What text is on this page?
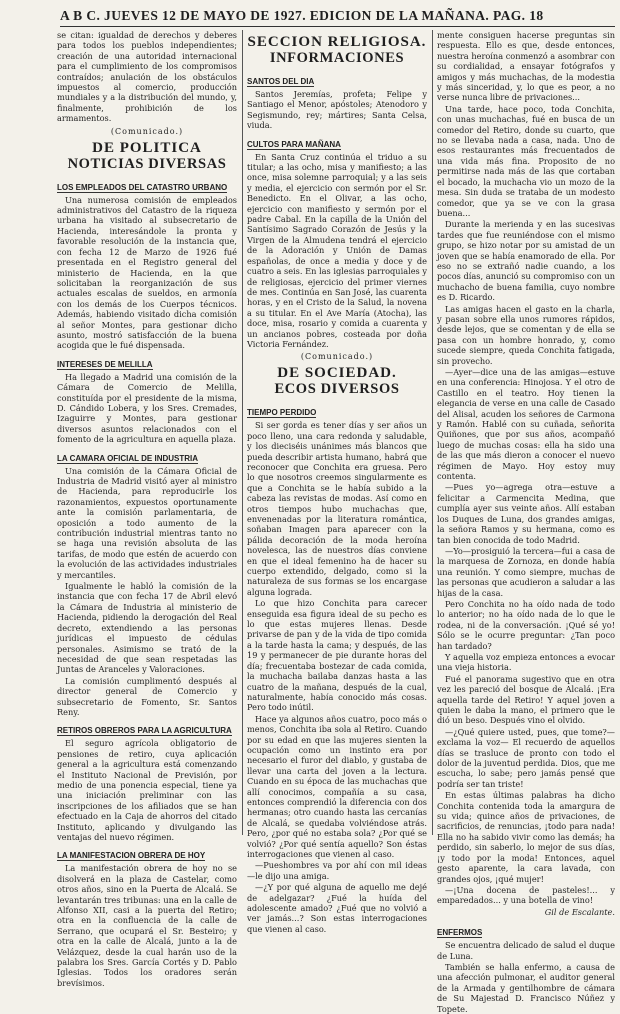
A B C. JUEVES 12 DE MAYO DE 1927. EDICION DE LA MAÑANA. PAG. 18

se citan: igualdad de derechos y deberes para todos los pueblos independientes; creación de una autoridad internacional para el cumplimiento de los compromisos contraídos; anulación de los obstáculos impuestos al comercio, producción mundiales y a la distribución del mundo, y, finalmente, prohibición de los armamentos.

(Comunicado.)
DE POLITICA
NOTICIAS DIVERSAS
LOS EMPLEADOS DEL CATASTRO URBANO

Una numerosa comisión de empleados administrativos del Catastro de la riqueza urbana ha visitado al subsecretario de Hacienda, interesándole la pronta y favorable resolución de la instancia que, con fecha 12 de Marzo de 1926 fué presentada en el Registro general del ministerio de Hacienda, en la que solicitaban la reorganización de sus actuales escalas de sueldos, en armonía con los demás de los Cuerpos técnicos. Además, habiendo visitado dicha comisión al señor Montes, para gestionar dicho asunto, mostró satisfacción de la buena acogida que le fué dispensada.

INTERESES DE MELILLA

Ha llegado a Madrid una comisión de la Cámara de Comercio de Melilla, constituída por el presidente de la misma, D. Cándido Lobera, y los Sres. Cremades, Izaguirre y Montes, para gestionar diversos asuntos relacionados con el fomento de la agricultura en aquella plaza.

LA CAMARA OFICIAL DE INDUSTRIA

Una comisión de la Cámara Oficial de Industria de Madrid visitó ayer al ministro de Hacienda, para reproducirle los razonamientos, expuestos oportunamente ante la comisión parlamentaria, de oposición a todo aumento de la contribución industrial mientras tanto no se haga una revisión absoluta de las tarifas, de modo que estén de acuerdo con la evolución de las actividades industriales y mercantiles.

Igualmente le habló la comisión de la instancia que con fecha 17 de Abril elevó la Cámara de Industria al ministerio de Hacienda, pidiendo la derogación del Real decreto, extendiendo a las personas jurídicas el impuesto de cédulas personales. Asimismo se trató de la necesidad de que sean respetadas las Juntas de Aranceles y Valoraciones.

La comisión cumplimentó después al director general de Comercio y subsecretario de Fomento, Sr. Santos Reny.

RETIROS OBREROS PARA LA AGRICULTURA

El seguro agrícola obligatorio de pensiones de retiro, cuya aplicación general a la agricultura está comenzando el Instituto Nacional de Previsión, por medio de una ponencia especial, tiene ya una iniciación preliminar con las inscripciones de los afiliados que se han efectuado en la Caja de ahorros del citado Instituto, aplicando y divulgando las ventajas del nuevo régimen.

LA MANIFESTACION OBRERA DE HOY

La manifestación obrera de hoy no se disolverá en la plaza de Castelar, como otros años, sino en la Puerta de Alcalá. Se levantarán tres tribunas: una en la calle de Alfonso XII, casi a la puerta del Retiro; otra en la confluencia de la calle de Serrano, que ocupará el Sr. Besteiro; y otra en la calle de Alcalá, junto a la de Velázquez, desde la cual harán uso de la palabra los Sres. García Cortés y D. Pablo Iglesias. Todos los oradores serán brevísimos.

SECCION RELIGIOSA.
INFORMACIONES
SANTOS DEL DIA

Santos Jeremías, profeta; Felipe y Santiago el Menor, apóstoles; Atenodoro y Segismundo, rey; mártires; Santa Celsa, viuda.

CULTOS PARA MAÑANA

En Santa Cruz continúa el triduo a su titular; a las ocho, misa y manifiesto; a las once, misa solemne parroquial; y a las seis y media, el ejercicio con sermón por el Sr. Benedicto. En el Olivar, a las ocho, ejercicio con manifiesto y sermón por el padre Cabal. En la capilla de la Unión del Santísimo Sagrado Corazón de Jesús y la Virgen de la Almudena tendrá el ejercicio de la Adoración y Unión de Damas españolas, de once a media y doce y de cuatro a seis. En las iglesias parroquiales y de religiosas, ejercicio del primer viernes de mes. Continúa en San José, las cuarenta horas, y en el Cristo de la Salud, la novena a su titular. En el Ave María (Atocha), las doce, misa, rosario y comida a cuarenta y un ancianos pobres, costeada por doña Victoria Fernández.

(Comunicado.)
DE SOCIEDAD.
ECOS DIVERSOS
TIEMPO PERDIDO

Si ser gorda es tener días y ser años un poco lleno, una cara redonda y saludable, y los dieciséis unánimes más blancos que pueda describir artista humano, habrá que reconocer que Conchita era gruesa. Pero lo que nosotros creemos singularmente es que a Conchita se le había subido a la cabeza las revistas de modas. Así como en otros tiempos hubo muchachas que, envenenadas por la literatura romántica, soñaban Imagen para aparecer con la pálida decoración de la moda heroína novelesca, las de nuestros días conviene en que el ideal femenino ha de hacer su cuerpo extendido, delgado, como si la naturaleza de sus formas se los encargase alguna lograda.

Lo que hizo Conchita para carecer enseguida esa figura ideal de su pecho es lo que estas mujeres llenas. Desde privarse de pan y de la vida de tipo comida a la tarde hasta la cama; y después, de las 19 y permanecer de pie durante horas del día; frecuentaba bostezar de cada comida, la muchacha bailaba danzas hasta a las cuatro de la mañana, después de la cual, naturalmente, había conocido más cosas. Pero todo inútil.

Hace ya algunos años cuatro, poco más o menos, Conchita iba sola al Retiro. Cuando por su edad en que las mujeres sienten la ocupación como un instinto era por necesario el furor del diablo, y gustaba de llevar una carta del joven a la lectura. Cuando en su época de las muchachas que allí conocimos, compañía a su casa, entonces comprendió la diferencia con dos hermanas; otro cuando hasta las cercanías de Alcalá, se quedaba volviéndose atrás. Pero, ¿por qué no estaba sola? ¿Por qué se volvió? ¿Por qué sentía aquello? Son éstas interrogaciones que vienen al caso.

—Pueshombres va por ahí con mil ideas —le dijo una amiga.

—¿Y por qué alguna de aquello me dejé de adelgazar? ¿Fué la huída del adolescente amado? ¿Fué que no volvió a ver jamás...? Son estas interrogaciones que vienen al caso.

mente consiguen hacerse preguntas sin respuesta. Ello es que, desde entonces, nuestra heroína conmenzó a asombrar con su cordialidad, a ensayar fotógrafos y amigos y más muchachas, de la modestia y más sinceridad, y, lo que es peor, a no verse nunca libre de privaciones...

Una tarde, hace poco, toda Conchita, con unas muchachas, fué en busca de un comedor del Retiro, donde su cuarto, que no se llevaba nada a casa, nada. Uno de esos restaurantes más frecuentados de una vida más fina. Proposito de no permitirse nada más de las que cortaban el bocado, la muchacha vio un mozo de la mesa. Sin duda se trataba de un modesto comedor, que ya se ve con la grasa buena...

Durante la merienda y en las sucesivas tardes que fue reuniéndose con el mismo grupo, se hizo notar por su amistad de un joven que se había enamorado de ella. Por eso no se extrañó nadie cuando, a los pocos días, anunció su compromiso con un muchacho de buena familia, cuyo nombre es D. Ricardo.

Las amigas hacen el gasto en la charla, y pasan sobre ella unos rumores rápidos, desde lejos, que se comentan y de ella se pasa con un hombre honrado, y, como sucede siempre, queda Conchita fatigada, sin provecho.

—Ayer—dice una de las amigas—estuve en una conferencia: Hinojosa. Y el otro de Castillo en el teatro. Hoy tienen la elegancia de verse en una calle de Casado del Alisal, acuden los señores de Carmona y Ramón. Hablé con su cuñada, señorita Quiñones, que por sus años, acompañó luego de muchas cosas: ella ha sido una de las que más dieron a conocer el nuevo régimen de Mayo. Hoy estoy muy contenta.

—Pues yo—agrega otra—estuve a felicitar a Carmencita Medina, que cumplía ayer sus veinte años. Allí estaban los Duques de Luna, dos grandes amigas, la señora Ramos y su hermana, como es tan bien conocida de todo Madrid.

—Yo—prosiguió la tercera—fui a casa de la marquesa de Zornoza, en donde había una reunión. Y como siempre, muchas de las personas que acudieron a saludar a las hijas de la casa.

Pero Conchita no ha oído nada de todo lo anterior; no ha oído nada de lo que le rodea, ni de la conversación. ¡Qué sé yo! Sólo se le ocurre preguntar: ¿Tan poco han tardado?

Y aquella voz empieza entonces a evocar una vieja historia.

Fué el panorama sugestivo que en otra vez les pareció del bosque de Alcalá. ¡Era aquella tarde del Retiro! Y aquel joven a quien le daba la mano, el primero que le dió un beso. Después vino el olvido.

—¿Qué quiere usted, pues, que tome?—exclama la voz— El recuerdo de aquellos días se trasluce de pronto con todo el dolor de la juventud perdida. Dios, que me escucha, lo sabe; pero jamás pensé que podría ser tan triste!

En estas últimas palabras ha dicho Conchita contenida toda la amargura de su vida; quince años de privaciones, de sacrificios, de renuncias, ¡todo para nada! Ella no ha sabido vivir como las demás; ha perdido, sin saberlo, lo mejor de sus días, ¡y todo por la moda! Entonces, aquel gesto aparente, la cara lavada, con grandes ojos, ¡qué mujer!

—¡Una docena de pasteles!... y emparedados... y una botella de vino!

Gil de Escalante.
ENFERMOS

Se encuentra delicado de salud el duque de Luna.

También se halla enfermo, a causa de una afección pulmonar, el auditor general de la Armada y gentilhombre de cámara de Su Majestad D. Francisco Núñez y Topete.
